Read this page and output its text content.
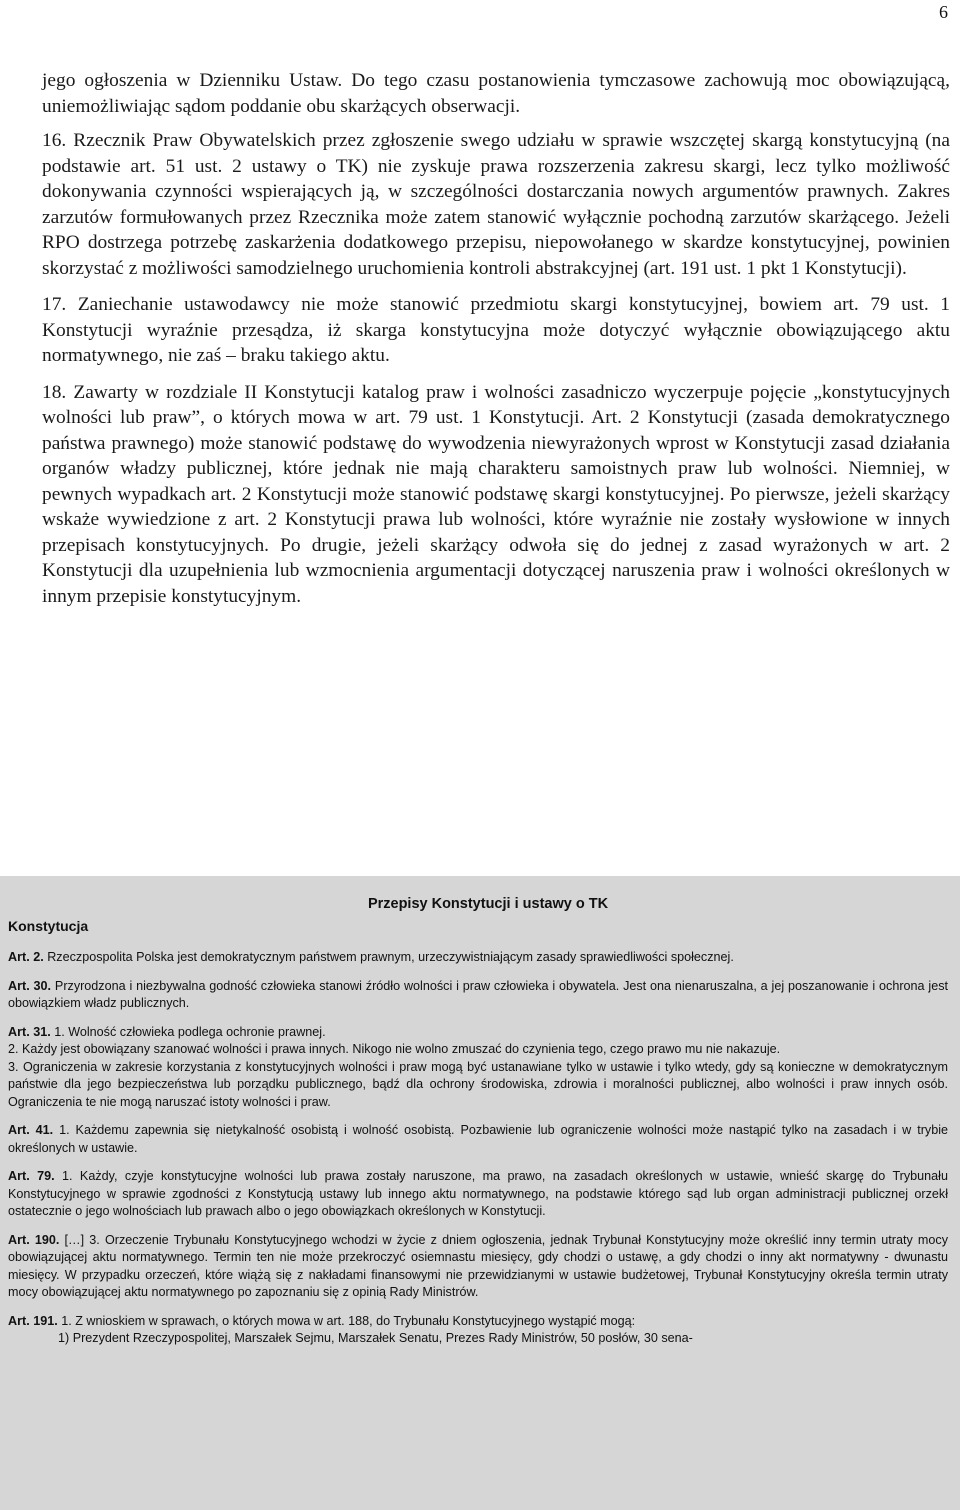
6

jego ogłoszenia w Dzienniku Ustaw. Do tego czasu postanowienia tymczasowe zachowują moc obowiązującą, uniemożliwiając sądom poddanie obu skarżących obserwacji.

16. Rzecznik Praw Obywatelskich przez zgłoszenie swego udziału w sprawie wszczętej skargą konstytucyjną (na podstawie art. 51 ust. 2 ustawy o TK) nie zyskuje prawa rozszerzenia zakresu skargi, lecz tylko możliwość dokonywania czynności wspierających ją, w szczególności dostarczania nowych argumentów prawnych. Zakres zarzutów formułowanych przez Rzecznika może zatem stanowić wyłącznie pochodną zarzutów skarżącego. Jeżeli RPO dostrzega potrzebę zaskarżenia dodatkowego przepisu, niepowołanego w skardze konstytucyjnej, powinien skorzystać z możliwości samodzielnego uruchomienia kontroli abstrakcyjnej (art. 191 ust. 1 pkt 1 Konstytucji).

17. Zaniechanie ustawodawcy nie może stanowić przedmiotu skargi konstytucyjnej, bowiem art. 79 ust. 1 Konstytucji wyraźnie przesądza, iż skarga konstytucyjna może dotyczyć wyłącznie obowiązującego aktu normatywnego, nie zaś – braku takiego aktu.

18. Zawarty w rozdziale II Konstytucji katalog praw i wolności zasadniczo wyczerpuje pojęcie „konstytucyjnych wolności lub praw”, o których mowa w art. 79 ust. 1 Konstytucji. Art. 2 Konstytucji (zasada demokratycznego państwa prawnego) może stanowić podstawę do wywodzenia niewyrażonych wprost w Konstytucji zasad działania organów władzy publicznej, które jednak nie mają charakteru samoistnych praw lub wolności. Niemniej, w pewnych wypadkach art. 2 Konstytucji może stanowić podstawę skargi konstytucyjnej. Po pierwsze, jeżeli skarżący wskaże wywiedzione z art. 2 Konstytucji prawa lub wolności, które wyraźnie nie zostały wysłowione w innych przepisach konstytucyjnych. Po drugie, jeżeli skarżący odwoła się do jednej z zasad wyrażonych w art. 2 Konstytucji dla uzupełnienia lub wzmocnienia argumentacji dotyczącej naruszenia praw i wolności określonych w innym przepisie konstytucyjnym.

Przepisy Konstytucji i ustawy o TK
Konstytucja

Art. 2. Rzeczpospolita Polska jest demokratycznym państwem prawnym, urzeczywistniającym zasady sprawiedliwości społecznej.

Art. 30. Przyrodzona i niezbywalna godność człowieka stanowi źródło wolności i praw człowieka i obywatela. Jest ona nienaruszalna, a jej poszanowanie i ochrona jest obowiązkiem władz publicznych.

Art. 31. 1. Wolność człowieka podlega ochronie prawnej.

2. Każdy jest obowiązany szanować wolności i prawa innych. Nikogo nie wolno zmuszać do czynienia tego, czego prawo mu nie nakazuje.

3. Ograniczenia w zakresie korzystania z konstytucyjnych wolności i praw mogą być ustanawiane tylko w ustawie i tylko wtedy, gdy są konieczne w demokratycznym państwie dla jego bezpieczeństwa lub porządku publicznego, bądź dla ochrony środowiska, zdrowia i moralności publicznej, albo wolności i praw innych osób. Ograniczenia te nie mogą naruszać istoty wolności i praw.

Art. 41. 1. Każdemu zapewnia się nietykalność osobistą i wolność osobistą. Pozbawienie lub ograniczenie wolności może nastąpić tylko na zasadach i w trybie określonych w ustawie.

Art. 79. 1. Każdy, czyje konstytucyjne wolności lub prawa zostały naruszone, ma prawo, na zasadach określonych w ustawie, wnieść skargę do Trybunału Konstytucyjnego w sprawie zgodności z Konstytucją ustawy lub innego aktu normatywnego, na podstawie którego sąd lub organ administracji publicznej orzekł ostatecznie o jego wolnościach lub prawach albo o jego obowiązkach określonych w Konstytucji.

Art. 190. […] 3. Orzeczenie Trybunału Konstytucyjnego wchodzi w życie z dniem ogłoszenia, jednak Trybunał Konstytucyjny może określić inny termin utraty mocy obowiązującej aktu normatywnego. Termin ten nie może przekroczyć osiemnastu miesięcy, gdy chodzi o ustawę, a gdy chodzi o inny akt normatywny - dwunastu miesięcy. W przypadku orzeczeń, które wiążą się z nakładami finansowymi nie przewidzianymi w ustawie budżetowej, Trybunał Konstytucyjny określa termin utraty mocy obowiązującej aktu normatywnego po zapoznaniu się z opinią Rady Ministrów.

Art. 191. 1. Z wnioskiem w sprawach, o których mowa w art. 188, do Trybunału Konstytucyjnego wystąpić mogą:

1) Prezydent Rzeczypospolitej, Marszałek Sejmu, Marszałek Senatu, Prezes Rady Ministrów, 50 posłów, 30 sena-
